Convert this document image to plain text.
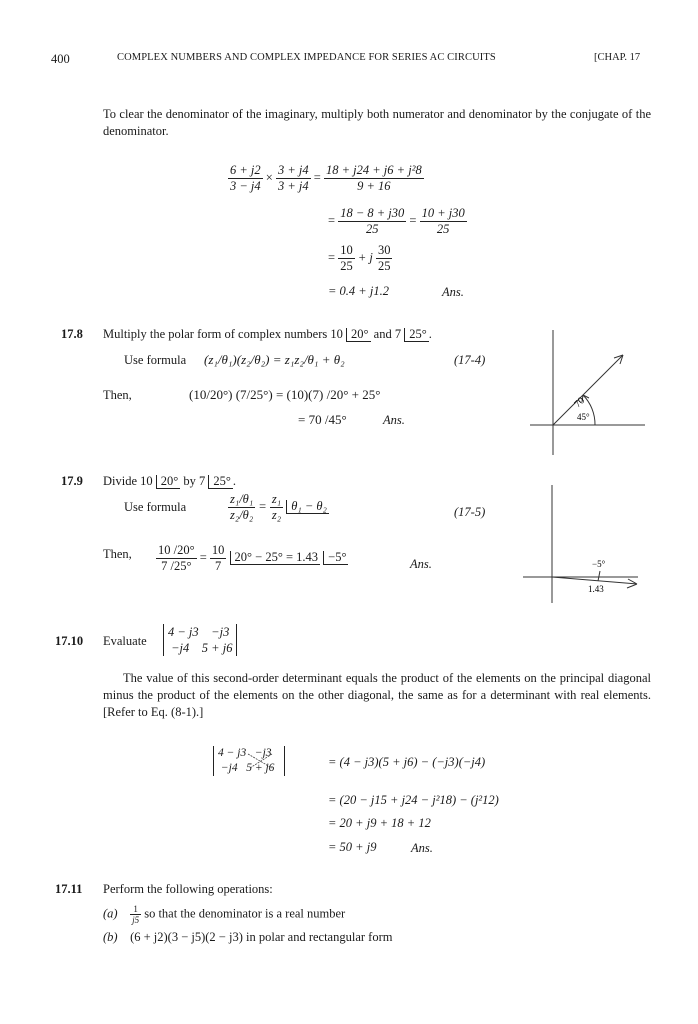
400	COMPLEX NUMBERS AND COMPLEX IMPEDANCE FOR SERIES AC CIRCUITS	[CHAP. 17
To clear the denominator of the imaginary, multiply both numerator and denominator by the conjugate of the denominator.
$\frac{6 + j2}{3 - j4} \times \frac{3 + j4}{3 + j4} = \frac{\text{18 + j24 + j6 + j²8}}{9 + 16}$
= $\frac{18 - 8 + j30}{25} = \frac{10 + j30}{25}$
= $\frac{10}{25} + j \frac{30}{25}$
= 0.4 + j1.2	Ans.
17.8 Multiply the polar form of complex numbers 10 20° and 7 25° .
Use formula (z₁/θ₁)(z₂/θ₂) = z₁z₂/θ₁ + θ₂	(17-4)
Then,	(10/20°) (7/25°) = (10)(7) /20° + 25°
= 70 /45°	Ans.
70
45°
17.9 Divide 10 20° by 7 25° .
Use formula	$\frac{\text{z₁/θ₁}}{\text{z₂/θ₂}} = \frac{\text{z₁}}{\text{z₂}} \theta_1 - \theta_2$	(17-5)
Then, $\frac{10 /20^\circ}{7 /25^\circ} = \frac{10}{7} 20^\circ - 25^\circ = 1.43 -5^\circ$	Ans.	−5°
1.43
17.10 Evaluate
4 − j3 −j3
−j4 5 + j6
The value of this second-order determinant equals the product of the elements on the principal diagonal minus the product of the elements on the other diagonal, the same as for a determinant with real elements. [Refer to Eq. (8-1).]
4 − j3 −j3
−j4 5 + j6	= (4 − j3)(5 + j6) − (−j3)(−j4)
= (20 − j15 + j24 − j²18) − (j²12)
= 20 + j9 + 18 + 12
= 50 + j9	Ans.
17.11 Perform the following operations:
$(a) \frac{1}{j5}$ so that the denominator is a real number
(b) (6 + j2)(3 − j5)(2 − j3) in polar and rectangular form
